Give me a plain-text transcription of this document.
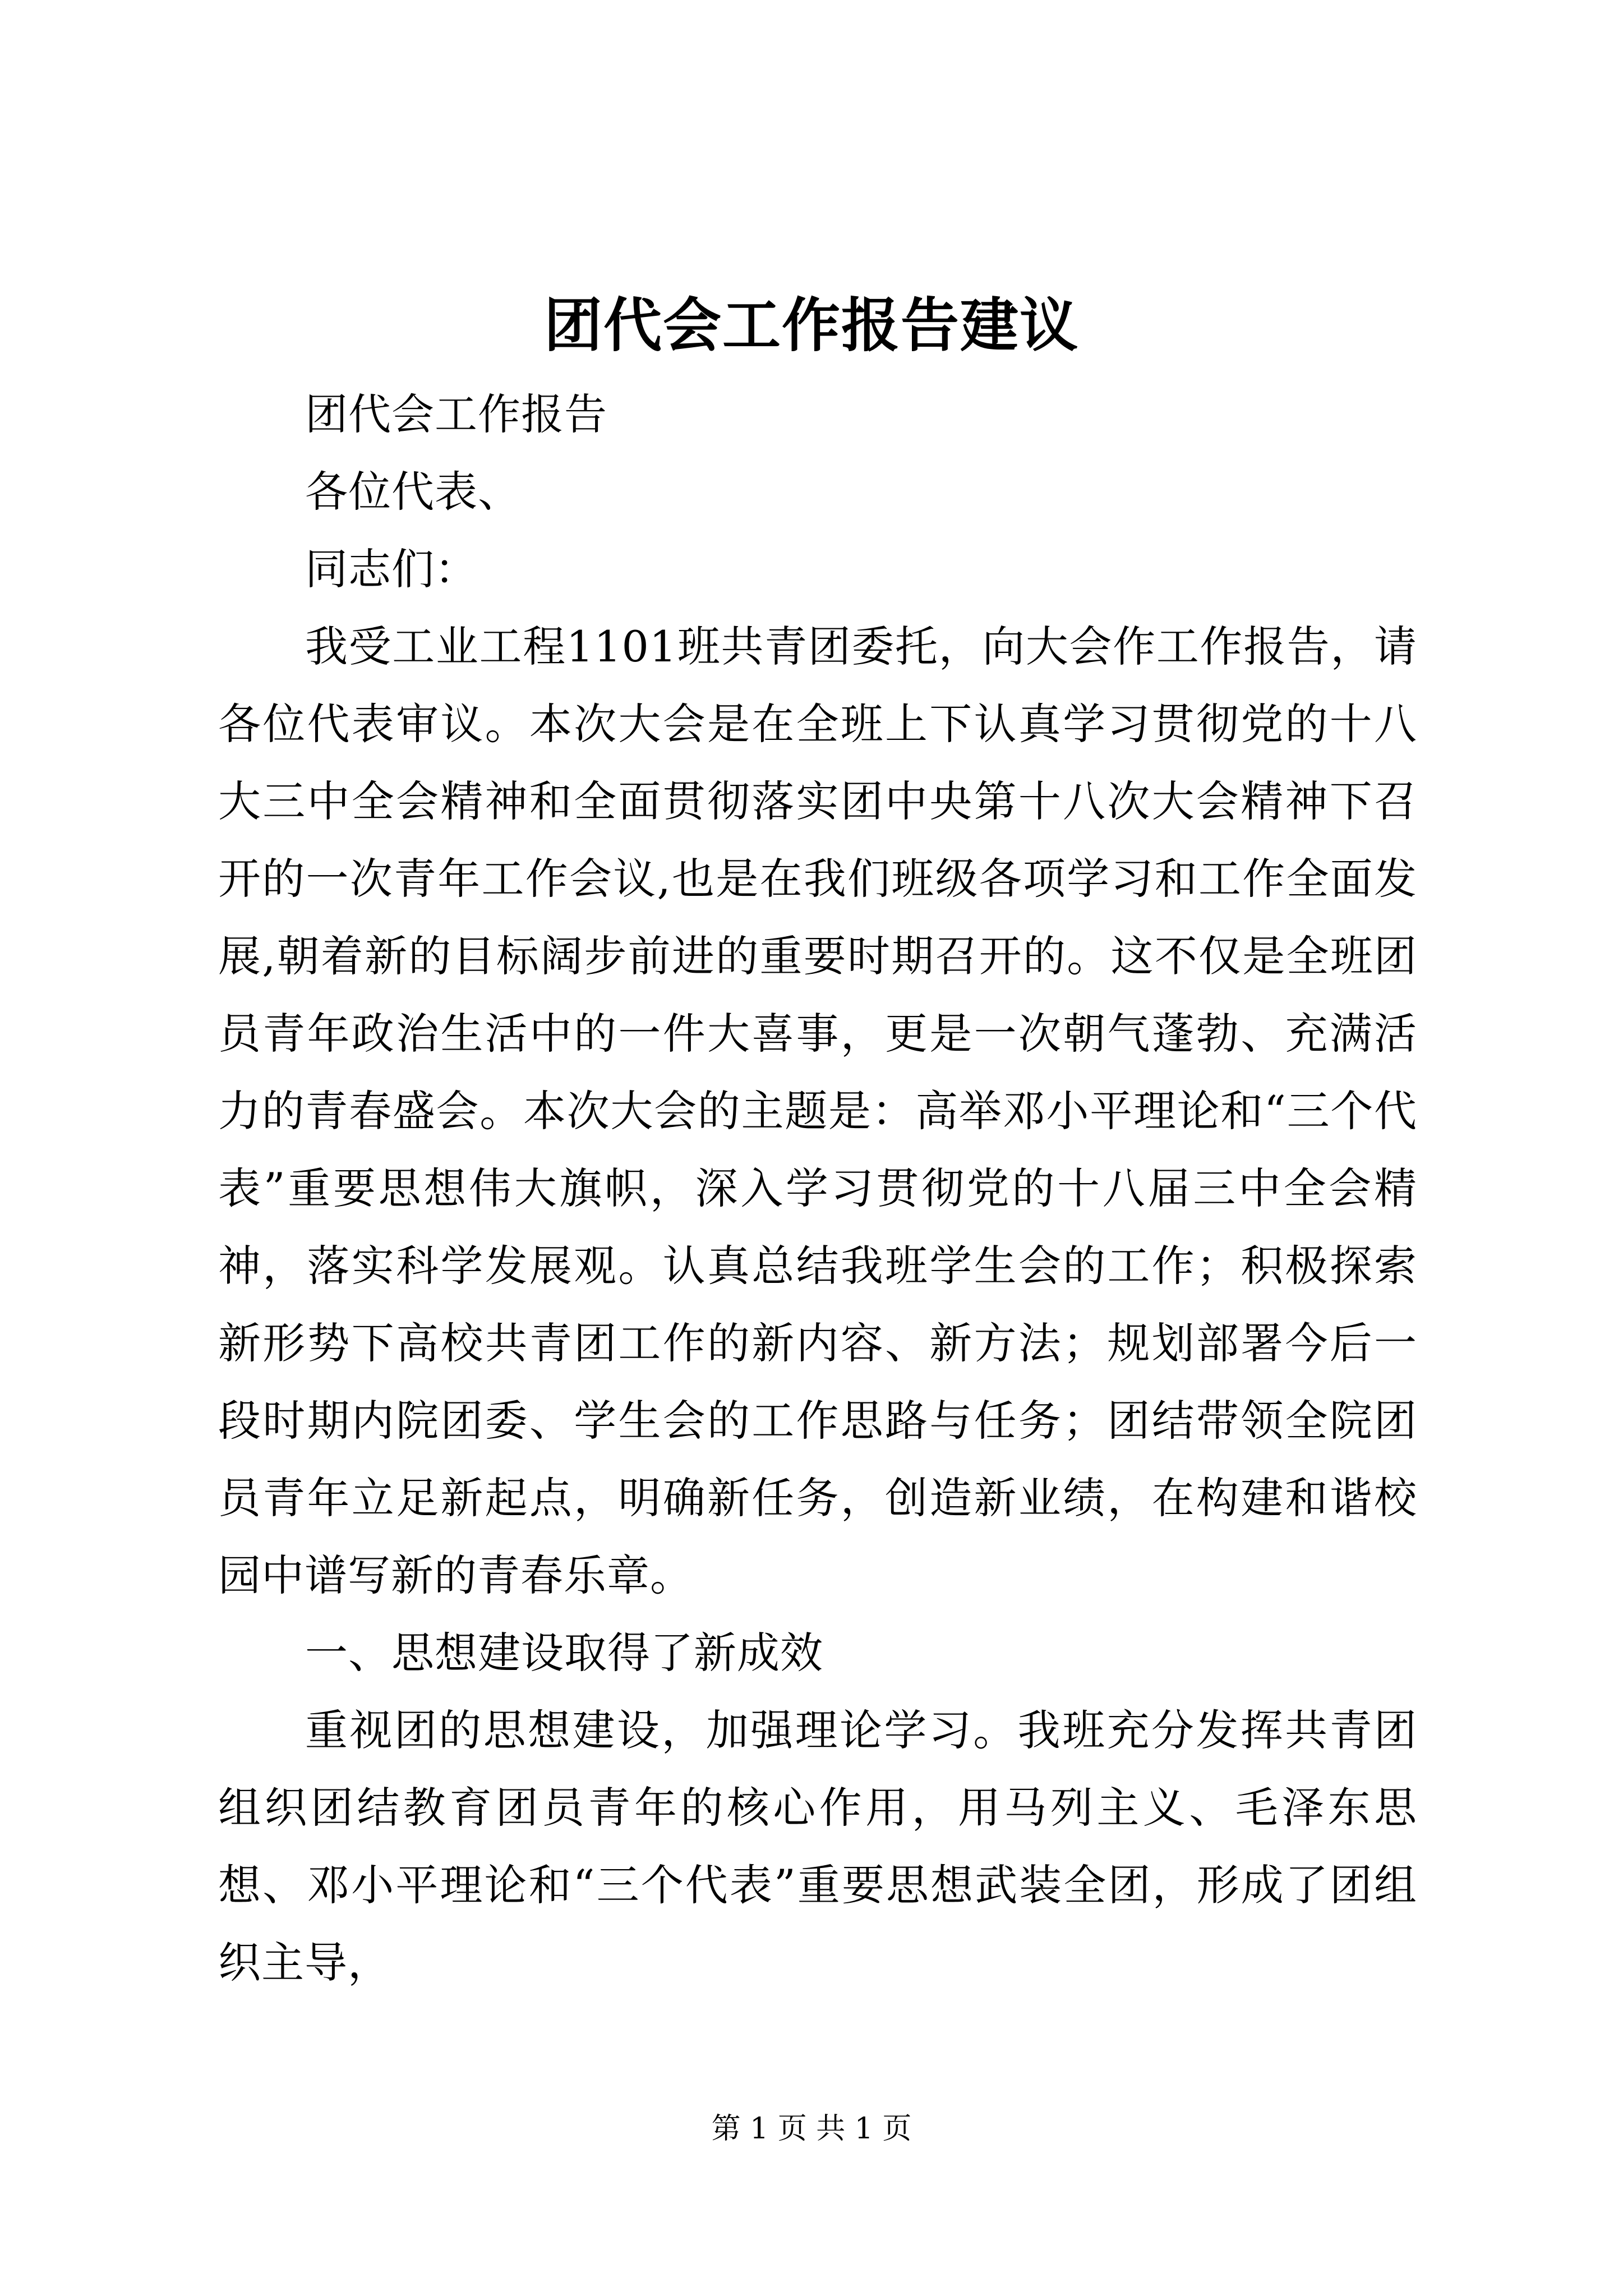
团代会工作报告建议

团代会工作报告

各位代表、

同志们：

我受工业工程1101班共青团委托，向大会作工作报告，请各位代表审议。本次大会是在全班上下认真学习贯彻党的十八大三中全会精神和全面贯彻落实团中央第十八次大会精神下召开的一次青年工作会议,也是在我们班级各项学习和工作全面发展,朝着新的目标阔步前进的重要时期召开的。这不仅是全班团员青年政治生活中的一件大喜事，更是一次朝气蓬勃、充满活力的青春盛会。本次大会的主题是：高举邓小平理论和“三个代表”重要思想伟大旗帜，深入学习贯彻党的十八届三中全会精神，落实科学发展观。认真总结我班学生会的工作；积极探索新形势下高校共青团工作的新内容、新方法；规划部署今后一段时期内院团委、学生会的工作思路与任务；团结带领全院团员青年立足新起点，明确新任务，创造新业绩，在构建和谐校园中谱写新的青春乐章。

一、思想建设取得了新成效

重视团的思想建设，加强理论学习。我班充分发挥共青团组织团结教育团员青年的核心作用，用马列主义、毛泽东思想、邓小平理论和“三个代表”重要思想武装全团，形成了团组织主导，

第 1 页 共 1 页
